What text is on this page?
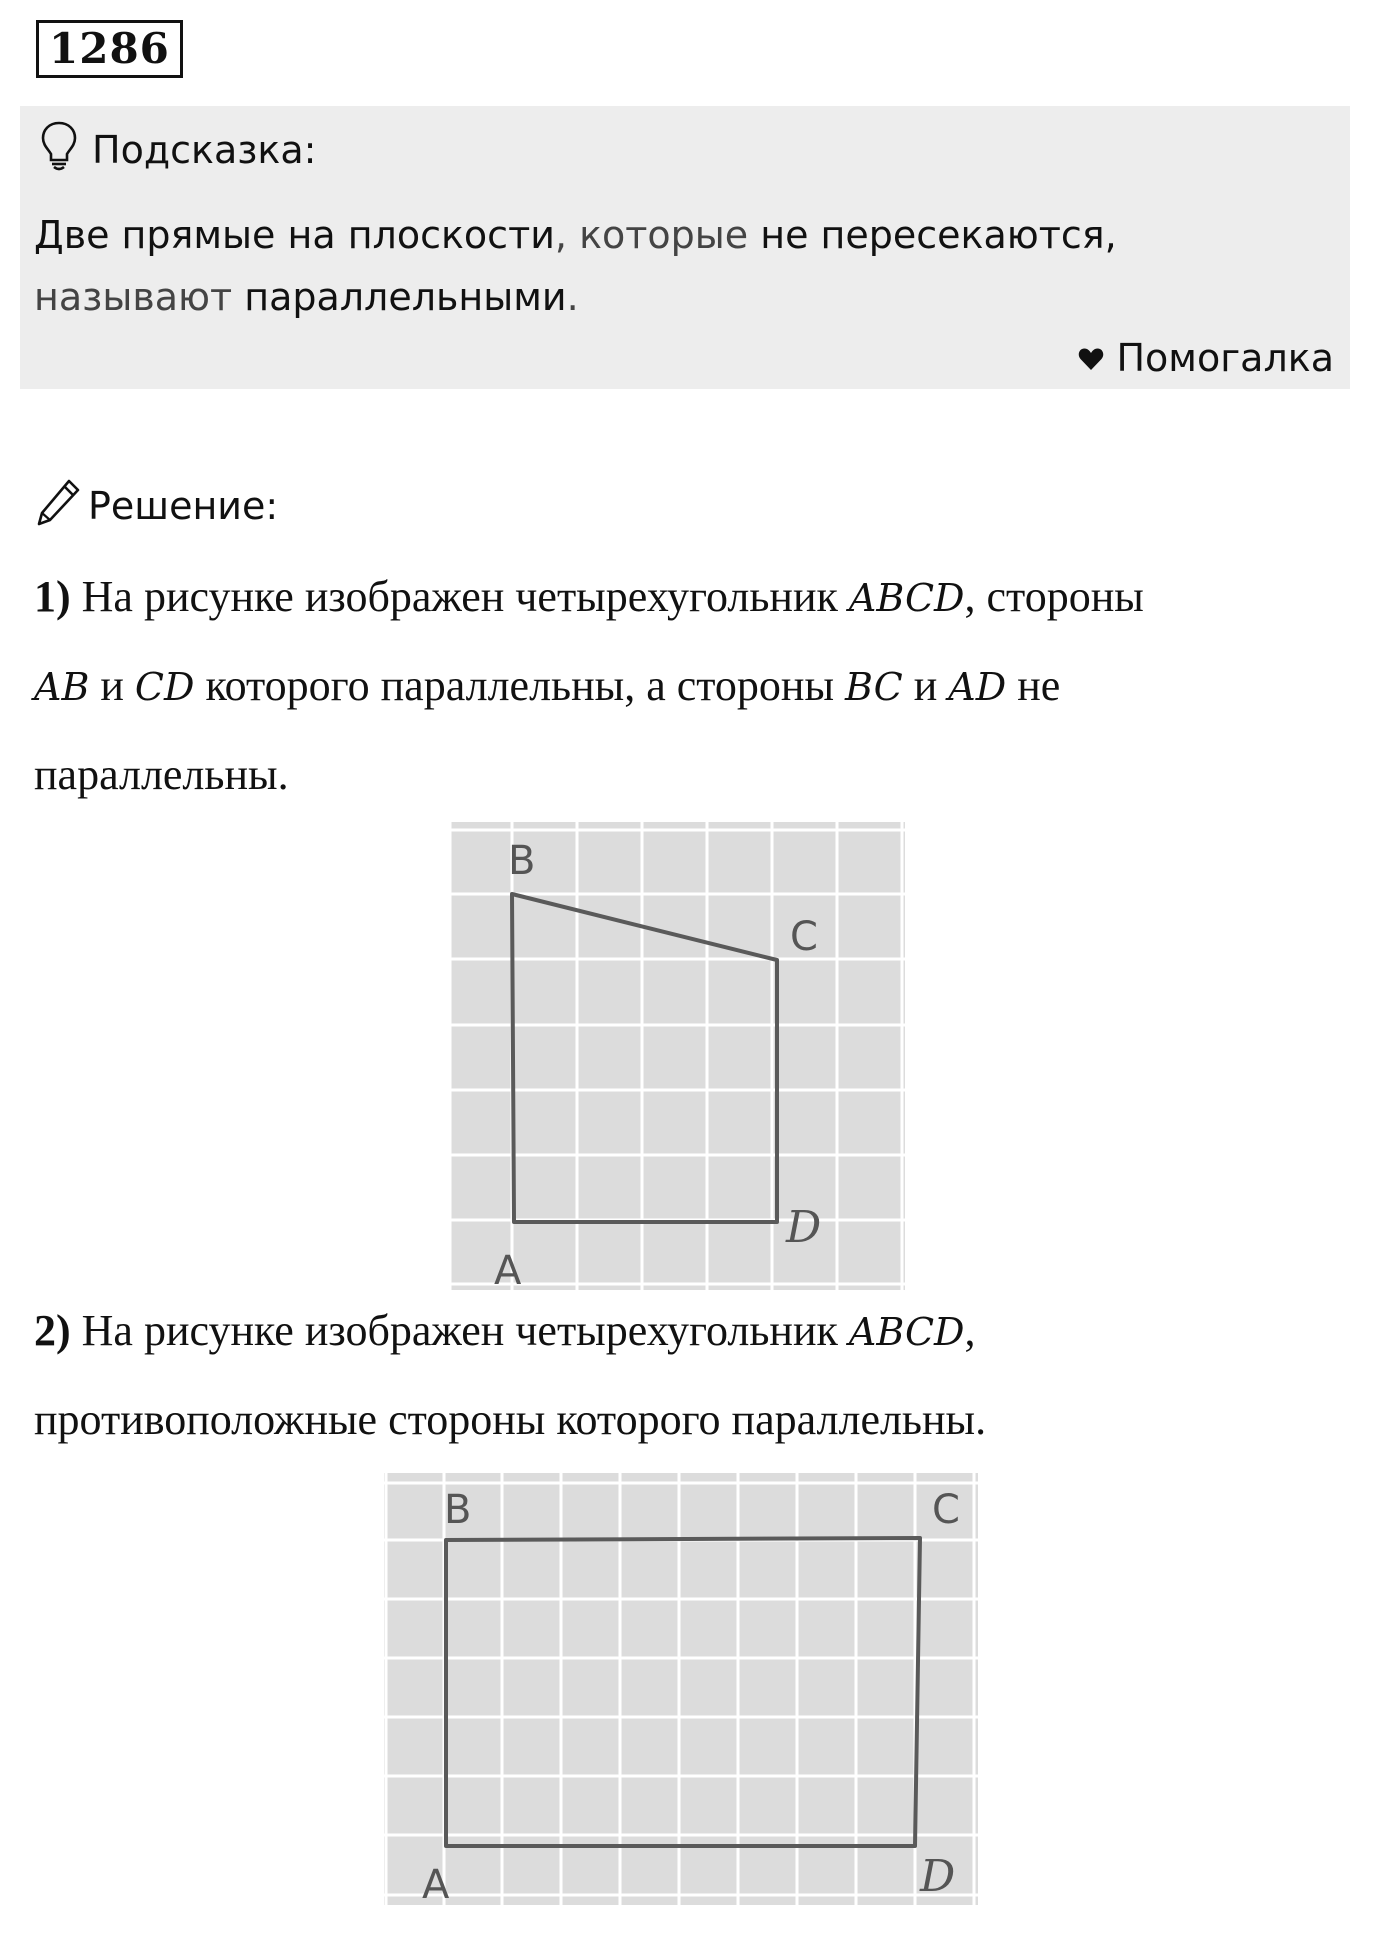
1286
Подсказка:
Две прямые на плоскости, которые не пересекаются,
называют параллельными.
Помогалка
Решение:
1) На рисунке изображен четырехугольник ABCD, стороны
AB и CD которого параллельны, а стороны BC и AD не
параллельны.
B
C
A
D
2) На рисунке изображен четырехугольник ABCD,
противоположные стороны которого параллельны.
B	C
A	D
